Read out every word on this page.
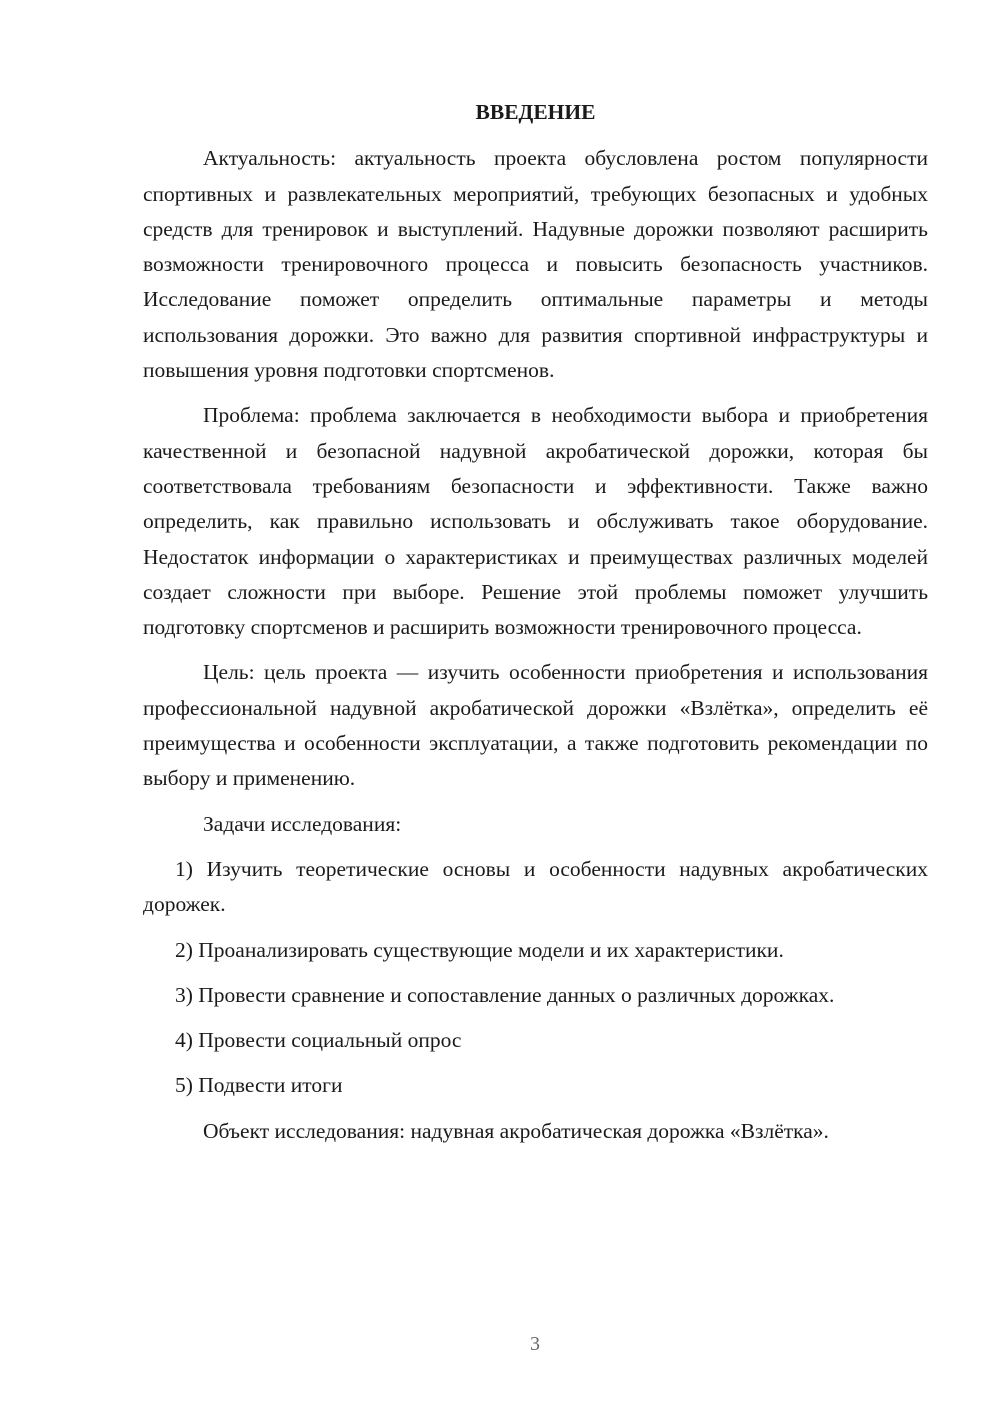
ВВЕДЕНИЕ

Актуальность: актуальность проекта обусловлена ростом популярности спортивных и развлекательных мероприятий, требующих безопасных и удобных средств для тренировок и выступлений. Надувные дорожки позволяют расширить возможности тренировочного процесса и повысить безопасность участников. Исследование поможет определить оптимальные параметры и методы использования дорожки. Это важно для развития спортивной инфраструктуры и повышения уровня подготовки спортсменов.

Проблема: проблема заключается в необходимости выбора и приобретения качественной и безопасной надувной акробатической дорожки, которая бы соответствовала требованиям безопасности и эффективности. Также важно определить, как правильно использовать и обслуживать такое оборудование. Недостаток информации о характеристиках и преимуществах различных моделей создает сложности при выборе. Решение этой проблемы поможет улучшить подготовку спортсменов и расширить возможности тренировочного процесса.

Цель: цель проекта — изучить особенности приобретения и использования профессиональной надувной акробатической дорожки «Взлётка», определить её преимущества и особенности эксплуатации, а также подготовить рекомендации по выбору и применению.

Задачи исследования:

1) Изучить теоретические основы и особенности надувных акробатических дорожек.

2) Проанализировать существующие модели и их характеристики.

3) Провести сравнение и сопоставление данных о различных дорожках.

4) Провести социальный опрос

5) Подвести итоги

Объект исследования: надувная акробатическая дорожка «Взлётка».

3
